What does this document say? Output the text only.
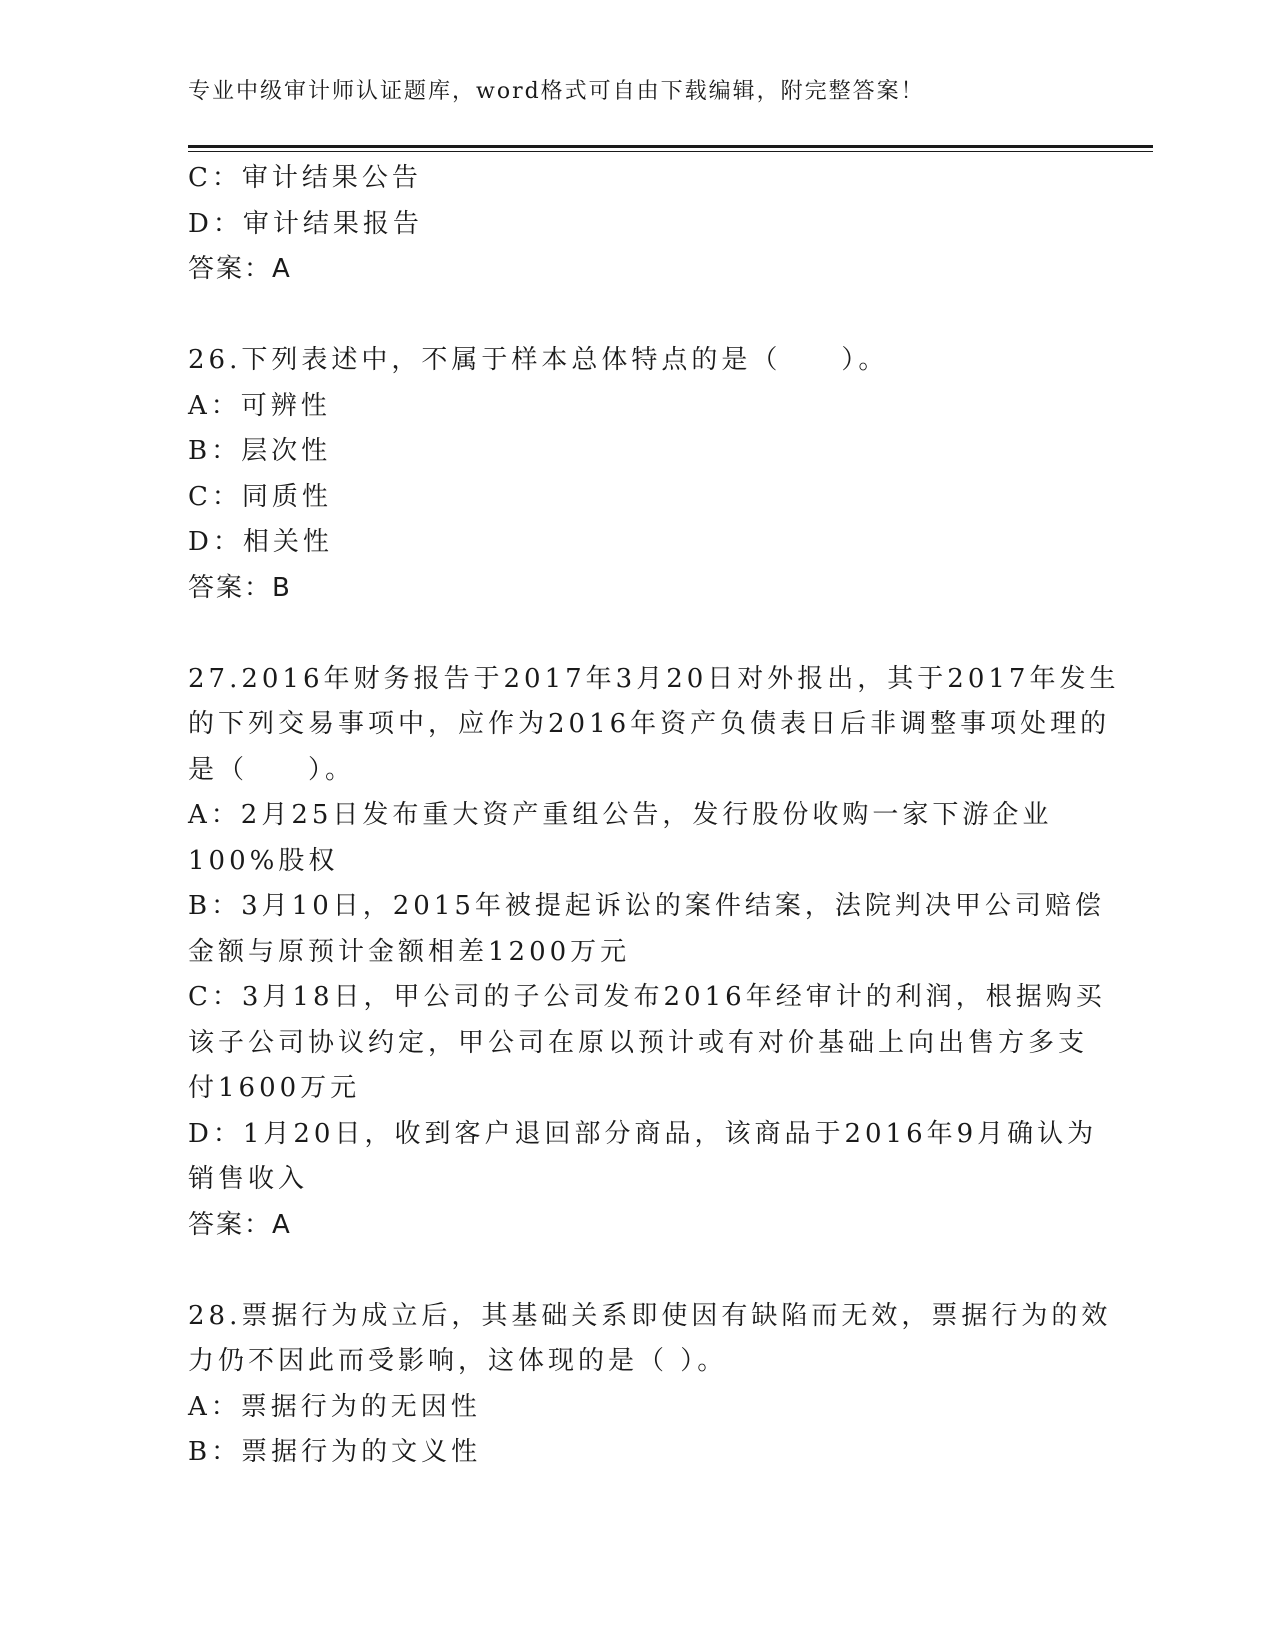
专业中级审计师认证题库，word格式可自由下载编辑，附完整答案！
C：审计结果公告
D：审计结果报告
答案：A
26.下列表述中，不属于样本总体特点的是（　　）。
A：可辨性
B：层次性
C：同质性
D：相关性
答案：B
27.2016年财务报告于2017年3月20日对外报出，其于2017年发生
的下列交易事项中，应作为2016年资产负债表日后非调整事项处理的
是（　　）。
A：2月25日发布重大资产重组公告，发行股份收购一家下游企业
100%股权
B：3月10日，2015年被提起诉讼的案件结案，法院判决甲公司赔偿
金额与原预计金额相差1200万元
C：3月18日，甲公司的子公司发布2016年经审计的利润，根据购买
该子公司协议约定，甲公司在原以预计或有对价基础上向出售方多支
付1600万元
D：1月20日，收到客户退回部分商品，该商品于2016年9月确认为
销售收入
答案：A
28.票据行为成立后，其基础关系即使因有缺陷而无效，票据行为的效
力仍不因此而受影响，这体现的是（ ）。
A：票据行为的无因性
B：票据行为的文义性
